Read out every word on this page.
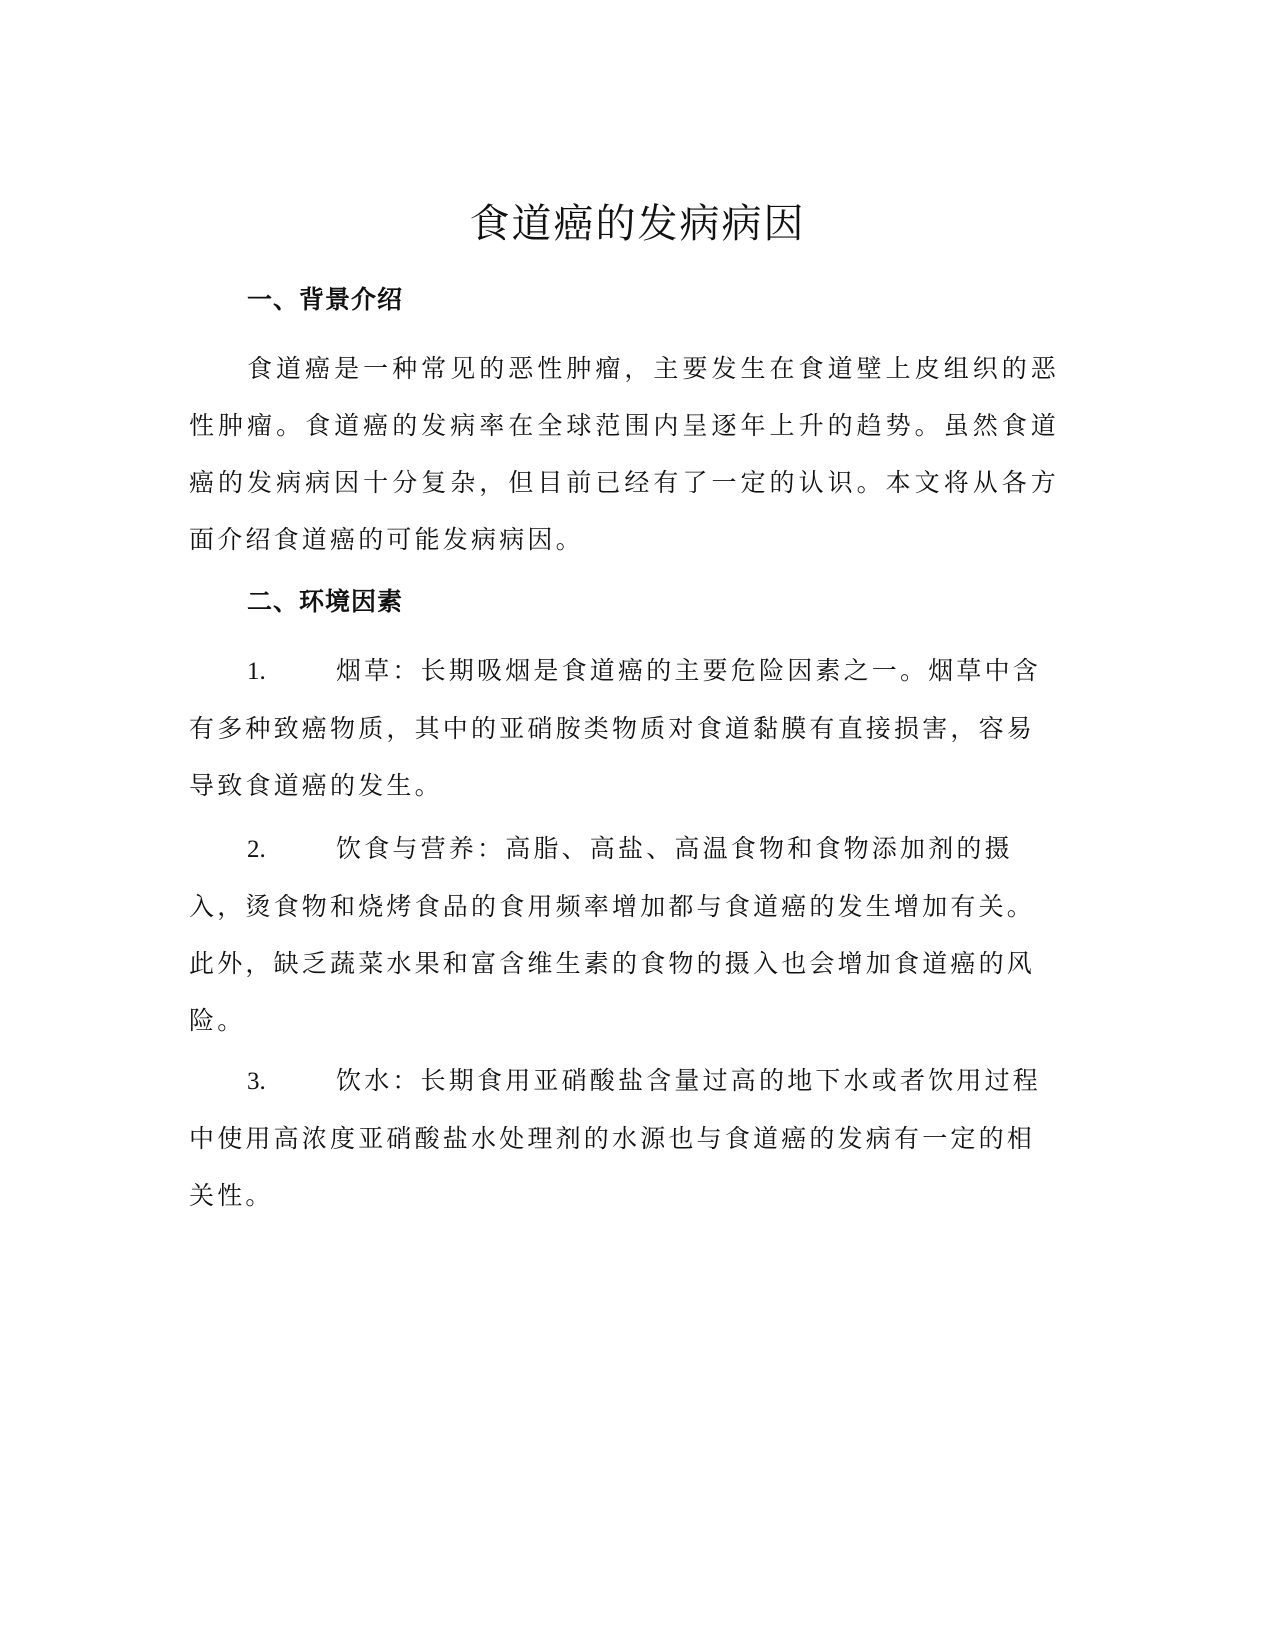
食道癌的发病病因
一、背景介绍

食道癌是一种常见的恶性肿瘤，主要发生在食道壁上皮组织的恶性肿瘤。食道癌的发病率在全球范围内呈逐年上升的趋势。虽然食道癌的发病病因十分复杂，但目前已经有了一定的认识。本文将从各方面介绍食道癌的可能发病病因。

二、环境因素

1.	烟草：长期吸烟是食道癌的主要危险因素之一。烟草中含有多种致癌物质，其中的亚硝胺类物质对食道黏膜有直接损害，容易导致食道癌的发生。

2.	饮食与营养：高脂、高盐、高温食物和食物添加剂的摄入，烫食物和烧烤食品的食用频率增加都与食道癌的发生增加有关。此外，缺乏蔬菜水果和富含维生素的食物的摄入也会增加食道癌的风险。

3.	饮水：长期食用亚硝酸盐含量过高的地下水或者饮用过程中使用高浓度亚硝酸盐水处理剂的水源也与食道癌的发病有一定的相关性。
